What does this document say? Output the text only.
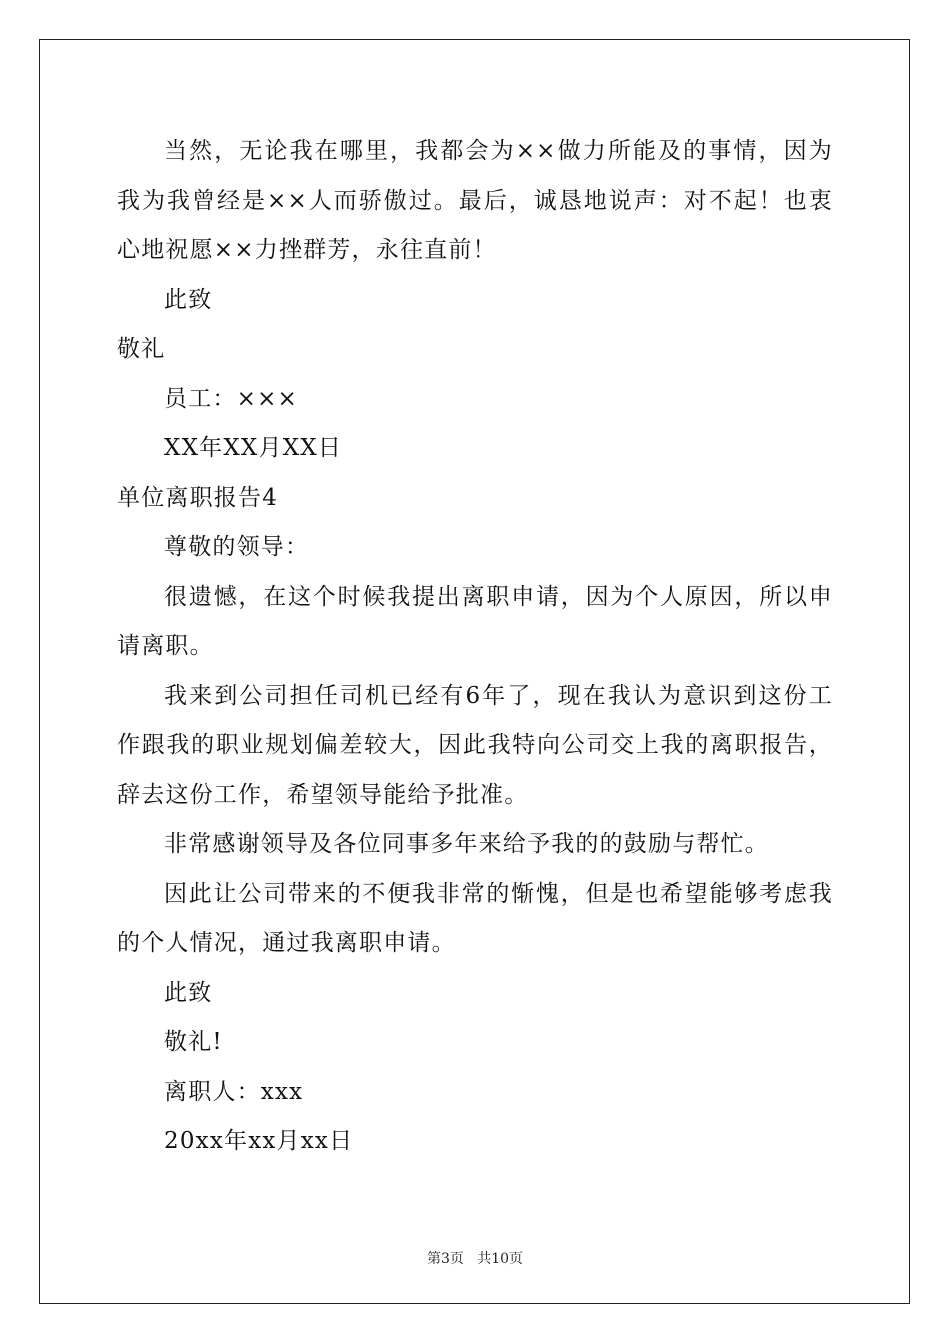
当然，无论我在哪里，我都会为××做力所能及的事情，因为我为我曾经是××人而骄傲过。最后，诚恳地说声：对不起！也衷心地祝愿××力挫群芳，永往直前！

此致

敬礼

员工：×××

XX年XX月XX日

单位离职报告4

尊敬的领导：

很遗憾，在这个时候我提出离职申请，因为个人原因，所以申请离职。

我来到公司担任司机已经有6年了，现在我认为意识到这份工作跟我的职业规划偏差较大，因此我特向公司交上我的离职报告，辞去这份工作，希望领导能给予批准。

非常感谢领导及各位同事多年来给予我的的鼓励与帮忙。

因此让公司带来的不便我非常的惭愧，但是也希望能够考虑我的个人情况，通过我离职申请。

此致

敬礼!

离职人：xxx

20xx年xx月xx日

第3页   共10页
